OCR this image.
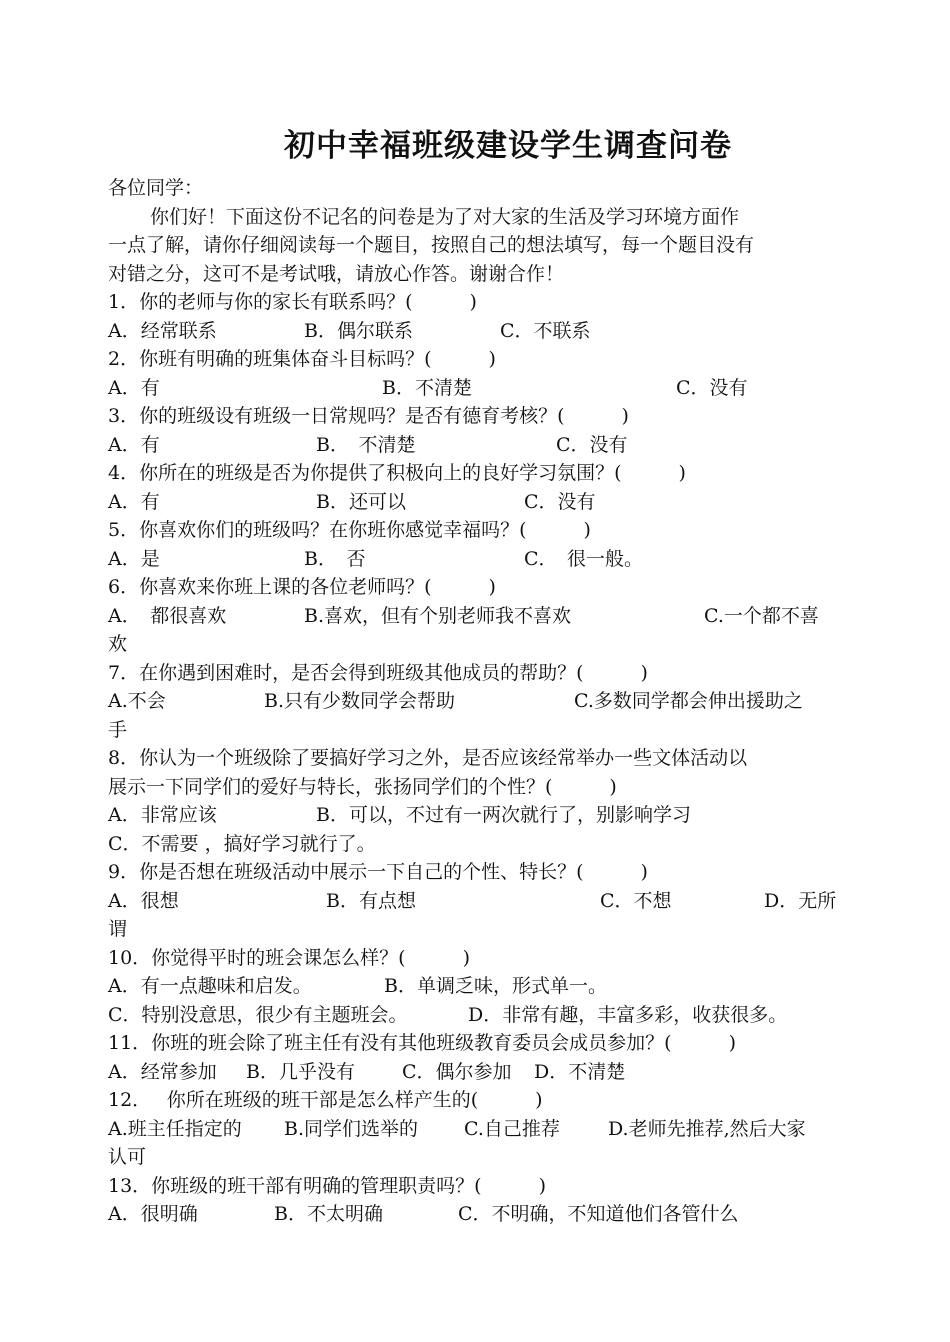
初中幸福班级建设学生调查问卷
各位同学：
你们好！下面这份不记名的问卷是为了对大家的生活及学习环境方面作
一点了解，请你仔细阅读每一个题目，按照自己的想法填写，每一个题目没有
对错之分，这可不是考试哦，请放心作答。谢谢合作！
1．你的老师与你的家长有联系吗？(　　　)
A．经常联系	B．偶尔联系	C．不联系
2．你班有明确的班集体奋斗目标吗？(　　　)
A．有	B．不清楚	C．没有
3．你的班级设有班级一日常规吗？是否有德育考核？(　　　)
A．有	B．　不清楚	C．没有
4．你所在的班级是否为你提供了积极向上的良好学习氛围？(　　　)
A．有	B．还可以	C．没有
5．你喜欢你们的班级吗？在你班你感觉幸福吗？(　　　)
A．是	B．　否	C．　很一般。
6．你喜欢来你班上课的各位老师吗？(　　　)
A．　都很喜欢	B.喜欢，但有个别老师我不喜欢	C.一个都不喜
欢
7．在你遇到困难时，是否会得到班级其他成员的帮助？(　　　)
A.不会	B.只有少数同学会帮助	C.多数同学都会伸出援助之
手
8．你认为一个班级除了要搞好学习之外，是否应该经常举办一些文体活动以
展示一下同学们的爱好与特长，张扬同学们的个性？(　　　)
A．非常应该	B．可以，不过有一两次就行了，别影响学习
C．不需要 ，搞好学习就行了。
9．你是否想在班级活动中展示一下自己的个性、特长？(　　　)
A．很想	B．有点想	C．不想	D．无所
谓
10．你觉得平时的班会课怎么样？(　　　)
A．有一点趣味和启发。	B．单调乏味，形式单一。
C．特别没意思，很少有主题班会。	D．非常有趣，丰富多彩，收获很多。
11．你班的班会除了班主任有没有其他班级教育委员会成员参加？(　　　)
A．经常参加 B．几乎没有 C．偶尔参加 D．不清楚
12．　 你所在班级的班干部是怎么样产生的(　　　)
A.班主任指定的 B.同学们选举的 C.自己推荐	D.老师先推荐,然后大家
认可
13．你班级的班干部有明确的管理职责吗？(　　　)
A．很明确	B．不太明确	C．不明确，不知道他们各管什么
